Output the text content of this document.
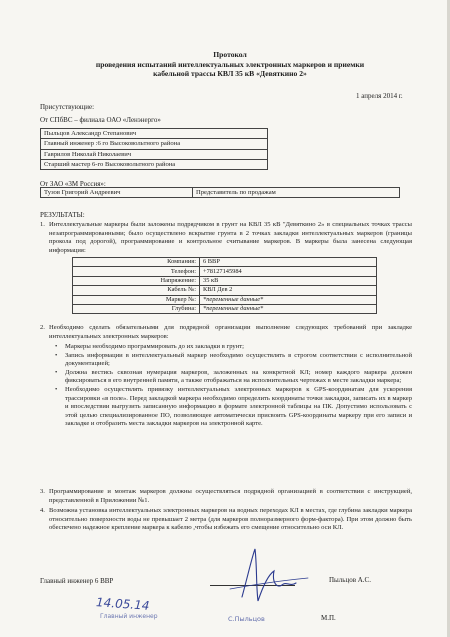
Протокол
проведения испытаний интеллектуальных электронных маркеров и приемки
кабельной трассы КВЛ 35 кВ «Девяткино 2»
1 апреля 2014 г.
Присутствующие:
От СПбВС – филиала ОАО «Ленэнерго»
Пыльцов Александр Степанович
Главный инженер :6 го Высоковольтного района
Гаврилов Николай Николаевич
Старший мастер 6-го Высоковольтного района
От ЗАО «3М Россия»:
Тузов Григорий Андреевич	Представитель по продажам
РЕЗУЛЬТАТЫ:
1. Интеллектуальные маркеры были заложены подрядчиком в грунт на КВЛ 35 кВ "Девяткино 2» в специальных точках трассы незапрограммированными; было осуществлено вскрытие грунта в 2 точках закладки интеллектуальных маркеров (границы прокола под дорогой), программирование и контрольное считывание маркеров. В маркеры была занесена следующая информация:
Компания:	6 ВВР
Телефон:	+78127145984
Напряжение:	35 кВ
Кабель №:	КВЛ Дев 2
Маркер №:	*переменные данные*
Глубина:	*переменные данные*
2. Необходимо сделать обязательными для подрядной организации выполнение следующих требований при закладке интеллектуальных электронных маркеров:
• Маркеры необходимо программировать до их закладки в грунт;
• Запись информации в интеллектуальный маркер необходимо осуществлять в строгом соответствии с исполнительной документацией;
• Должна вестись сквозная нумерация маркеров, заложенных на конкретной КЛ; номер каждого маркера должен фиксироваться в его внутренней памяти, а также отображаться на исполнительных чертежах в месте закладки маркера;
• Необходимо осуществлять привязку интеллектуальных электронных маркеров к GPS-координатам для ускорения трассировки «в поле». Перед закладкой маркера необходимо определить координаты точки закладки, записать их в маркер и впоследствии выгрузить записанную информацию в формате электронной таблицы на ПК. Допустимо использовать с этой целью специализированное ПО, позволяющее автоматически присвоить GPS-координаты маркеру при его записи и закладке и отобразить места закладки маркеров на электронной карте.
3. Программирование и монтаж маркеров должны осуществляться подрядной организацией в соответствии с инструкцией, представленной в Приложении №1.
4. Возможна установка интеллектуальных электронных маркеров на водных переходах КЛ в местах, где глубина закладки маркера относительно поверхности воды не превышает 2 метра (для маркеров полноразмерного форм-фактора). При этом должно быть обеспечено надежное крепление маркера к кабелю ,чтобы избежать его смещение относительно оси КЛ.
Главный инженер 6 ВВР	Пыльцов А.С.
14.05.14
Главный инженер	С.Пыльцов	М.П.
